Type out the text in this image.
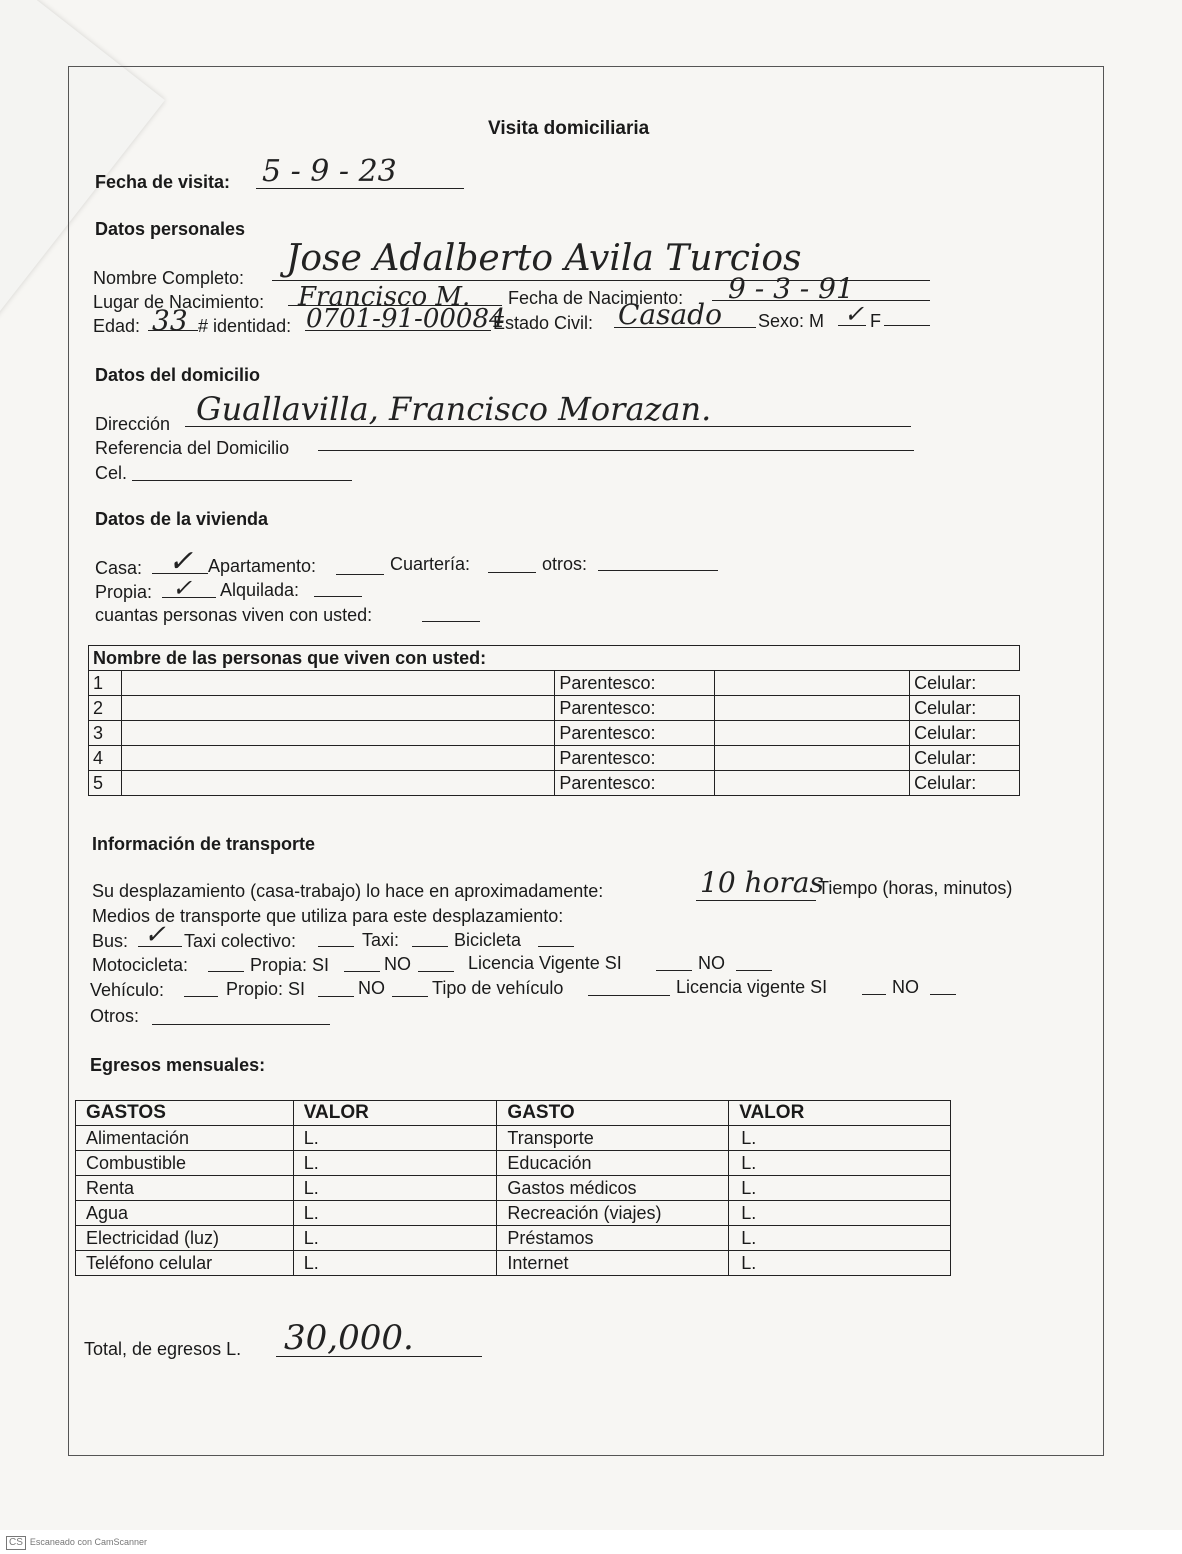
Visita domiciliaria
Fecha de visita: 5 - 9 - 23
Datos personales
Nombre Completo: Jose Adalberto Avila Turcios
Lugar de Nacimiento: Francisco M. Fecha de Nacimiento: 9 - 3 - 91
Edad: 33 # identidad: 0701-91-00084
Estado Civil: Casado Sexo: M ✓ F
Datos del domicilio
Dirección Guallavilla, Francisco Morazan.
Referencia del Domicilio
Cel.
Datos de la vivienda
Casa: ✓ Apartamento:	Cuartería:	otros:
Propia: ✓ Alquilada:
cuantas personas viven con usted:
Nombre de las personas que viven con usted:				
1		Parentesco:		Celular:
2		Parentesco:		Celular:
3		Parentesco:		Celular:
4		Parentesco:		Celular:
5		Parentesco:		Celular:
Información de transporte
Su desplazamiento (casa-trabajo) lo hace en aproximadamente:	10 horas
Tiempo (horas, minutos)
Medios de transporte que utiliza para este desplazamiento:
Bus: ✓ Taxi colectivo:	Taxi:	Bicicleta
Motocicleta:	Propia: SI	NO	Licencia Vigente SI	NO
Vehículo:	Propio: SI	NO	Tipo de vehículo	Licencia vigente SI	NO
Otros:
Egresos mensuales:
GASTOS	VALOR	GASTO	VALOR
Alimentación	L.	Transporte	L.
Combustible	L.	Educación	L.
Renta	L.	Gastos médicos	L.
Agua	L.	Recreación (viajes)	L.
Electricidad (luz)	L.	Préstamos	L.
Teléfono celular	L.	Internet	L.
Total, de egresos L. 30,000.
CS Escaneado con CamScanner
